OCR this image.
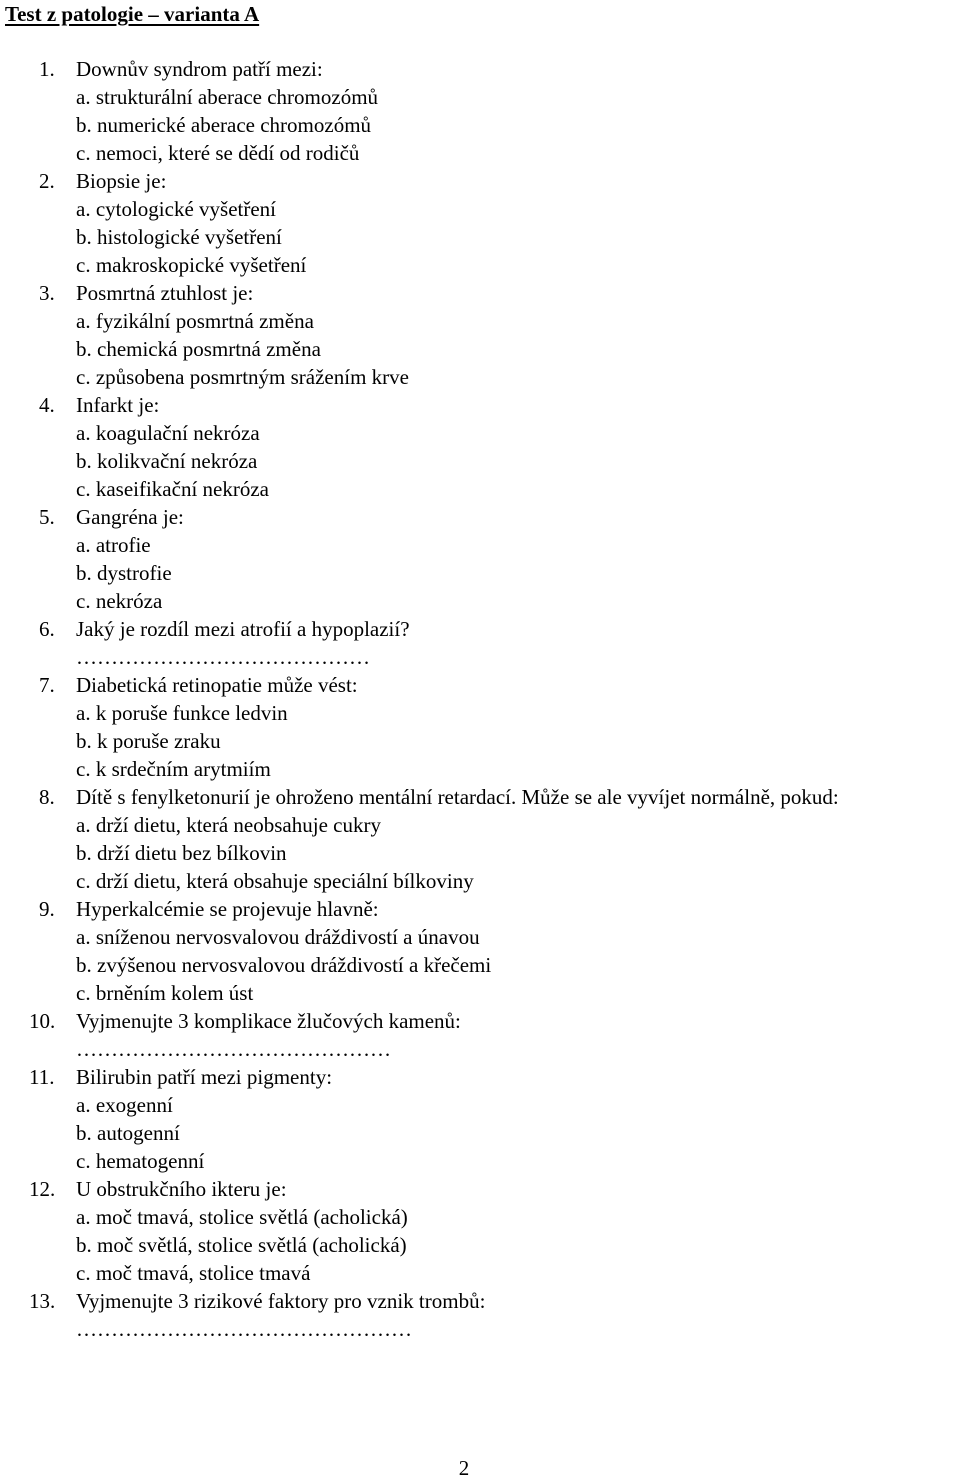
Test z patologie – varianta A
1. Downův syndrom patří mezi:
a. strukturální aberace chromozómů
b. numerické aberace chromozómů
c. nemoci, které se dědí od rodičů
2. Biopsie je:
a. cytologické vyšetření
b. histologické vyšetření
c. makroskopické vyšetření
3. Posmrtná ztuhlost je:
a. fyzikální posmrtná změna
b. chemická posmrtná změna
c. způsobena posmrtným srážením krve
4. Infarkt je:
a. koagulační nekróza
b. kolikvační nekróza
c. kaseifikační nekróza
5. Gangréna je:
a. atrofie
b. dystrofie
c. nekróza
6. Jaký je rozdíl mezi atrofií a hypoplazií?
……………………………………
7. Diabetická retinopatie může vést:
a. k poruše funkce ledvin
b. k poruše zraku
c. k srdečním arytmiím
8. Dítě s fenylketonurií je ohroženo mentální retardací. Může se ale vyvíjet normálně, pokud:
a. drží dietu, která neobsahuje cukry
b. drží dietu bez bílkovin
c. drží dietu, která obsahuje speciální bílkoviny
9. Hyperkalcémie se projevuje hlavně:
a. sníženou nervosvalovou dráždivostí a únavou
b. zvýšenou nervosvalovou dráždivostí a křečemi
c. brněním kolem úst
10. Vyjmenujte 3 komplikace žlučových kamenů:
………………………………………
11. Bilirubin patří mezi pigmenty:
a. exogenní
b. autogenní
c. hematogenní
12. U obstrukčního ikteru je:
a. moč tmavá, stolice světlá (acholická)
b. moč světlá, stolice světlá (acholická)
c. moč tmavá, stolice tmavá
13. Vyjmenujte 3 rizikové faktory pro vznik trombů:
…………………………………………
2
